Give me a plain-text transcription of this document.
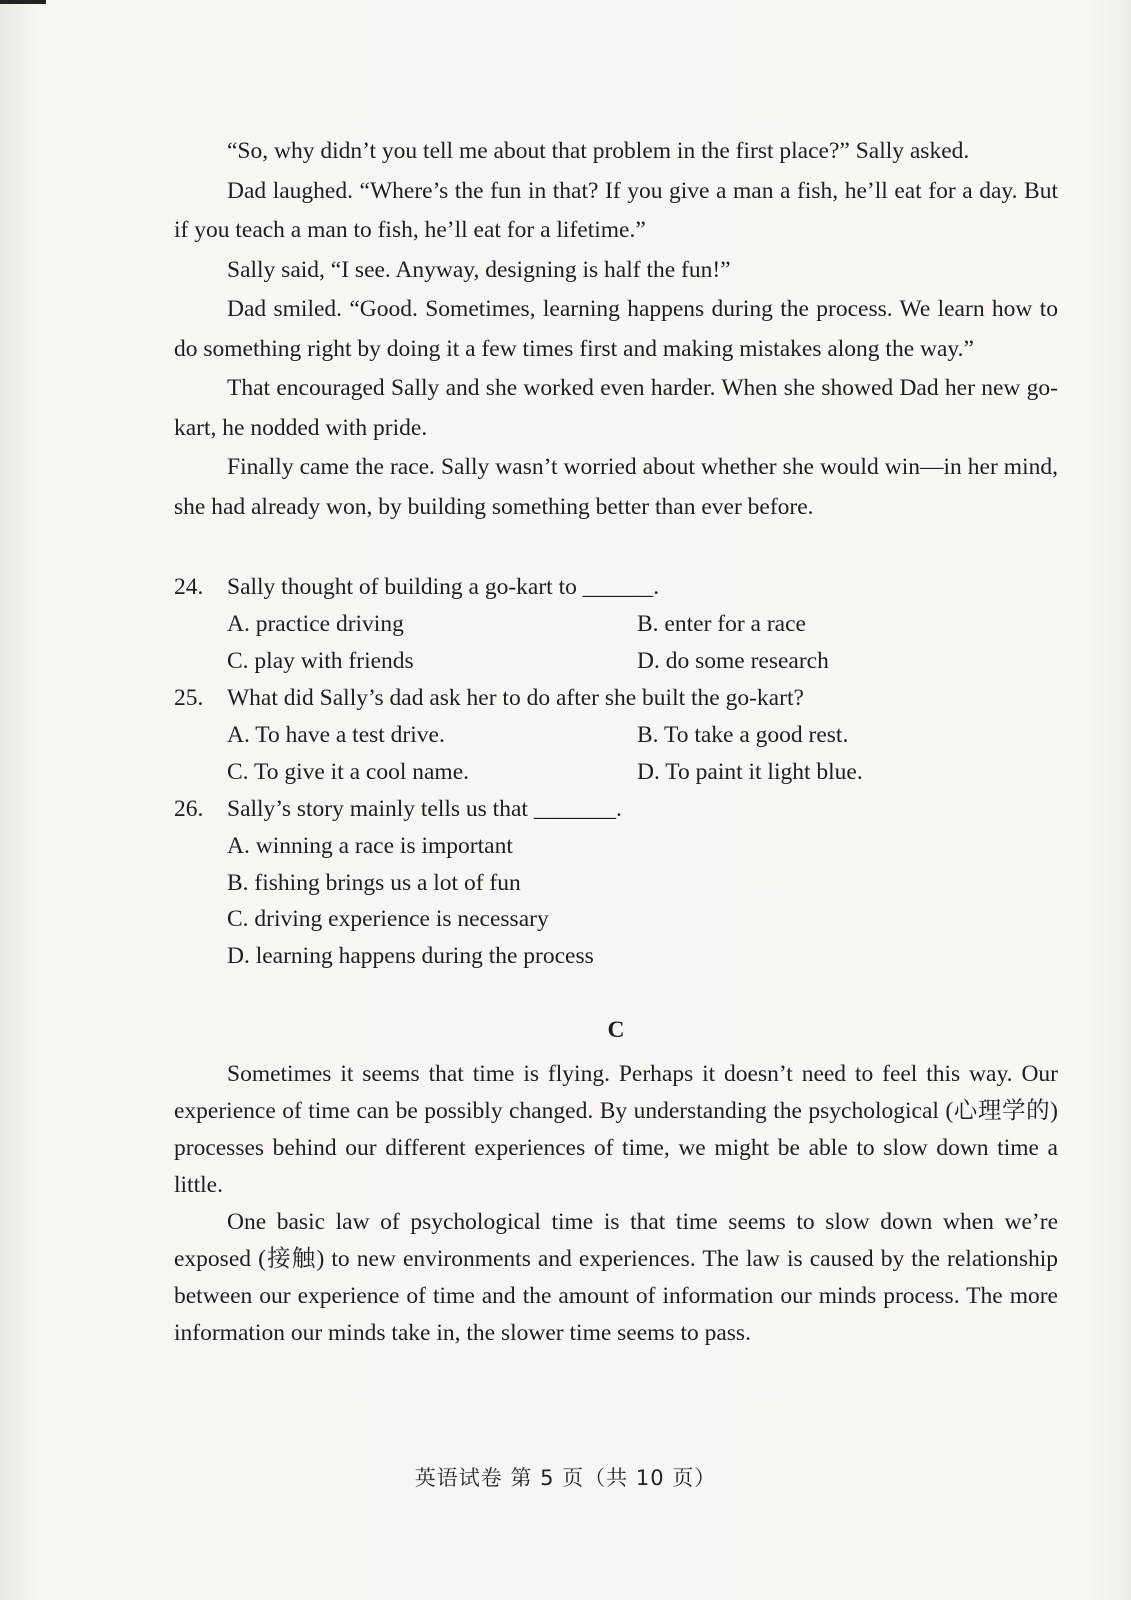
“So, why didn’t you tell me about that problem in the first place?” Sally asked.

Dad laughed. “Where’s the fun in that? If you give a man a fish, he’ll eat for a day. But if you teach a man to fish, he’ll eat for a lifetime.”

Sally said, “I see. Anyway, designing is half the fun!”

Dad smiled. “Good. Sometimes, learning happens during the process. We learn how to do something right by doing it a few times first and making mistakes along the way.”

That encouraged Sally and she worked even harder. When she showed Dad her new go-kart, he nodded with pride.

Finally came the race. Sally wasn’t worried about whether she would win—in her mind, she had already won, by building something better than ever before.

24. Sally thought of building a go-kart to ______.
A. practice driving	B. enter for a race
C. play with friends	D. do some research
25. What did Sally’s dad ask her to do after she built the go-kart?
A. To have a test drive.	B. To take a good rest.
C. To give it a cool name.	D. To paint it light blue.
26. Sally’s story mainly tells us that _______.
A. winning a race is important
B. fishing brings us a lot of fun
C. driving experience is necessary
D. learning happens during the process
C

Sometimes it seems that time is flying. Perhaps it doesn’t need to feel this way. Our experience of time can be possibly changed. By understanding the psychological (心理学的) processes behind our different experiences of time, we might be able to slow down time a little.

One basic law of psychological time is that time seems to slow down when we’re exposed (接触) to new environments and experiences. The law is caused by the relationship between our experience of time and the amount of information our minds process. The more information our minds take in, the slower time seems to pass.

英语试卷 第 5 页（共 10 页）
